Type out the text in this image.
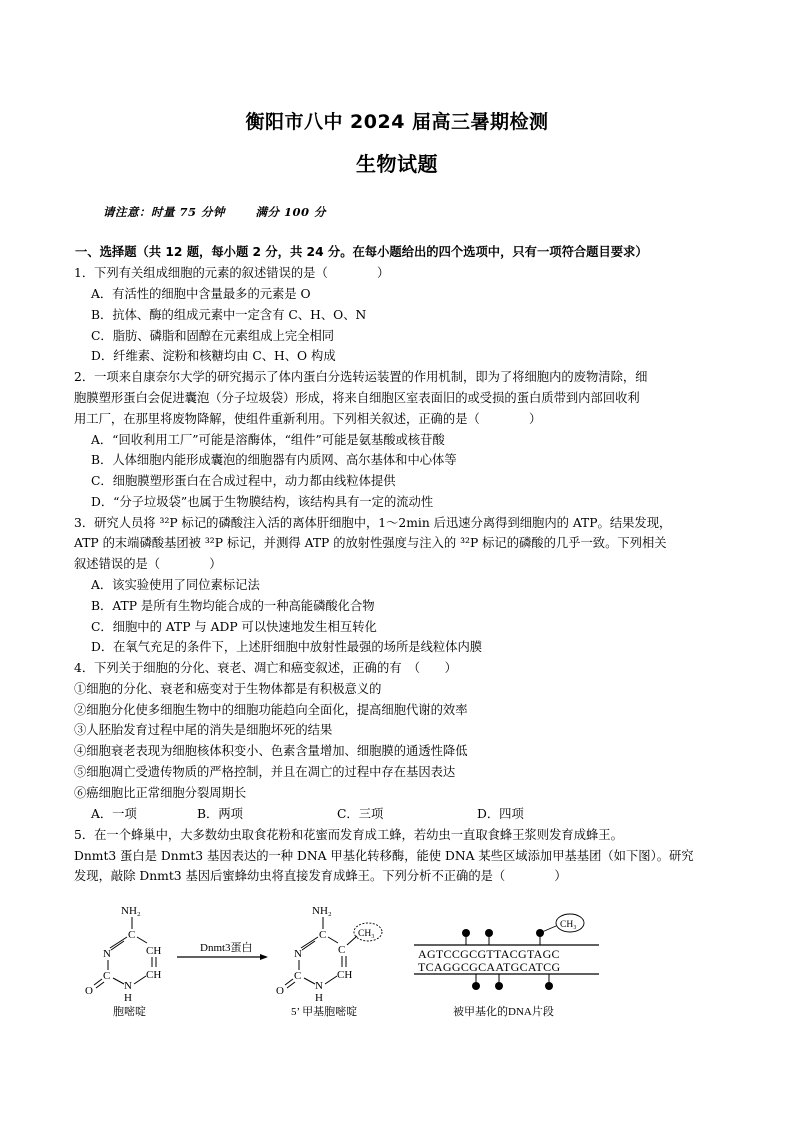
衡阳市八中 2024 届高三暑期检测
生物试题
请注意：时量 75 分钟	满分 100 分
一、选择题（共 12 题，每小题 2 分，共 24 分。在每小题给出的四个选项中，只有一项符合题目要求）
1．下列有关组成细胞的元素的叙述错误的是（　　　　）
A．有活性的细胞中含量最多的元素是 O
B．抗体、酶的组成元素中一定含有 C、H、O、N
C．脂肪、磷脂和固醇在元素组成上完全相同
D．纤维素、淀粉和核糖均由 C、H、O 构成
2．一项来自康奈尔大学的研究揭示了体内蛋白分选转运装置的作用机制，即为了将细胞内的废物清除，细
胞膜塑形蛋白会促进囊泡（分子垃圾袋）形成，将来自细胞区室表面旧的或受损的蛋白质带到内部回收利
用工厂，在那里将废物降解，使组件重新利用。下列相关叙述，正确的是（　　　　）
A．“回收利用工厂”可能是溶酶体，“组件”可能是氨基酸或核苷酸
B．人体细胞内能形成囊泡的细胞器有内质网、高尔基体和中心体等
C．细胞膜塑形蛋白在合成过程中，动力都由线粒体提供
D．“分子垃圾袋”也属于生物膜结构，该结构具有一定的流动性
3．研究人员将 ³²P 标记的磷酸注入活的离体肝细胞中，1～2min 后迅速分离得到细胞内的 ATP。结果发现，
ATP 的末端磷酸基团被 ³²P 标记，并测得 ATP 的放射性强度与注入的 ³²P 标记的磷酸的几乎一致。下列相关
叙述错误的是（　　　　）
A．该实验使用了同位素标记法
B．ATP 是所有生物均能合成的一种高能磷酸化合物
C．细胞中的 ATP 与 ADP 可以快速地发生相互转化
D．在氧气充足的条件下，上述肝细胞中放射性最强的场所是线粒体内膜
4．下列关于细胞的分化、衰老、凋亡和癌变叙述，正确的有　（　　）
①细胞的分化、衰老和癌变对于生物体都是有积极意义的
②细胞分化使多细胞生物中的细胞功能趋向全面化，提高细胞代谢的效率
③人胚胎发育过程中尾的消失是细胞坏死的结果
④细胞衰老表现为细胞核体积变小、色素含量增加、细胞膜的通透性降低
⑤细胞凋亡受遗传物质的严格控制，并且在凋亡的过程中存在基因表达
⑥癌细胞比正常细胞分裂周期长
A．一项	B．两项	C．三项	D．四项
5．在一个蜂巢中，大多数幼虫取食花粉和花蜜而发育成工蜂，若幼虫一直取食蜂王浆则发育成蜂王。
Dnmt3 蛋白是 Dnmt3 基因表达的一种 DNA 甲基化转移酶，能使 DNA 某些区域添加甲基基团（如下图）。研究
发现，敲除 Dnmt3 基因后蜜蜂幼虫将直接发育成蜂王。下列分析不正确的是（　　　　）
NH₂
C
N	CH
CH
C
O	N
H
胞嘧啶
Dnmt3蛋白
NH₂
C
N	C
CH₃
CH
C
O	N
H
5’ 甲基胞嘧啶
CH₃
AGTCCGCGTTACGTAGC
TCAGGCGCAATGCATCG
被甲基化的DNA片段
